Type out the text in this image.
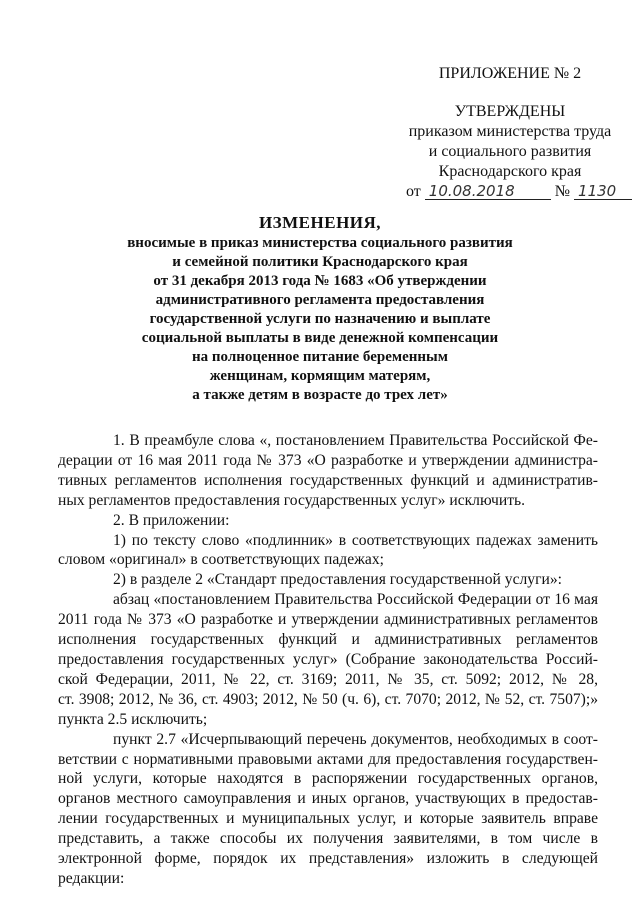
ПРИЛОЖЕНИЕ № 2
УТВЕРЖДЕНЫ
приказом министерства труда
и социального развития
Краснодарского края
от 10.08.2018	№ 1130
ИЗМЕНЕНИЯ,
вносимые в приказ министерства социального развития
и семейной политики Краснодарского края
от 31 декабря 2013 года № 1683 «Об утверждении
административного регламента предоставления
государственной услуги по назначению и выплате
социальной выплаты в виде денежной компенсации
на полноценное питание беременным
женщинам, кормящим матерям,
а также детям в возрасте до трех лет»

1. В преамбуле слова «, постановлением Правительства Российской Фе-

дерации от 16 мая 2011 года № 373 «О разработке и утверждении администра-

тивных регламентов исполнения государственных функций и административ-

ных регламентов предоставления государственных услуг» исключить.

2. В приложении:

1) по тексту слово «подлинник» в соответствующих падежах заменить

словом «оригинал» в соответствующих падежах;

2) в разделе 2 «Стандарт предоставления государственной услуги»:

абзац «постановлением Правительства Российской Федерации от 16 мая

2011 года № 373 «О разработке и утверждении административных регламентов

исполнения государственных функций и административных регламентов

предоставления государственных услуг» (Собрание законодательства Россий-

ской Федерации, 2011, № 22, ст. 3169; 2011, № 35, ст. 5092; 2012, № 28,

ст. 3908; 2012, № 36, ст. 4903; 2012, № 50 (ч. 6), ст. 7070; 2012, № 52, ст. 7507);»

пункта 2.5 исключить;

пункт 2.7 «Исчерпывающий перечень документов, необходимых в соот-

ветствии с нормативными правовыми актами для предоставления государствен-

ной услуги, которые находятся в распоряжении государственных органов,

органов местного самоуправления и иных органов, участвующих в предостав-

лении государственных и муниципальных услуг, и которые заявитель вправе

представить, а также способы их получения заявителями, в том числе в

электронной форме, порядок их представления» изложить в следующей

редакции:
